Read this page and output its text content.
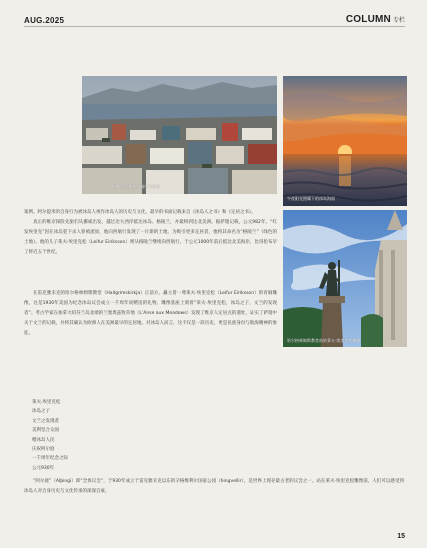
AUG.2025	COLUMN 专栏
俯瞰雷克雅未克城市与海湾
午夜阳光照耀下的冰岛海面
哈尔格林姆斯教堂前的莱夫·埃里克松雕像

案例。阿尔提米的自身行为被冰岛人视作冰岛人的历史与文化，最早的书面记载来自《冰岛人之书》和《定居之书》。

真正的维京探险先驱们从挪威出发，越过北大西洋抵达冰岛、格陵兰，并最终到达北美洲。据萨迦记载，公元982年，“红发埃里克”因在冰岛犯下杀人罪被流放，他向西航行发现了一片新的土地，为吸引更多定居者，他将其命名为“格陵兰”（绿色的土地）。他的儿子莱夫·埃里克松（Leifur Eiríksson）则从格陵兰继续向西航行，于公元1000年前后抵达北美海岸，比哥伦布早了将近五个世纪。

在雷克雅未克的哈尔格林姆斯教堂（Hallgrímskirkja）正前方，矗立着一尊莱夫·埃里克松（Leifur Eiríksson）的青铜雕像，这是1930年美国为纪念冰岛议会成立一千周年而赠送的礼物。雕像基座上刻着“莱夫·埃里克松，冰岛之子，文兰的发现者”。考古学家在加拿大纽芬兰岛北端的兰塞奥兹牧草地（L’Anse aux Meadows）发现了维京人定居点的遗址，证实了萨迦中关于文兰的记载，并将其确认为欧洲人在美洲最早的定居地。对冰岛人而言，这不仅是一段历史，更是民族身份与航海精神的象征。

莱夫·埃里克松
冰岛之子
文兰之发现者
美利坚合众国
赠冰岛人民
庆祝阿尔庭
一千周年纪念之际
公元930年

“阿尔庭”（Alþingi）即“全体议会”，于930年成立于雷克雅未克以东的辛格维利尔国家公园（Þingvellir），是世界上现存最古老的议会之一。站在莱夫·埃里克松雕像前，人们可以感受到冰岛人对自身历史与文化传承的深深自豪。

15
